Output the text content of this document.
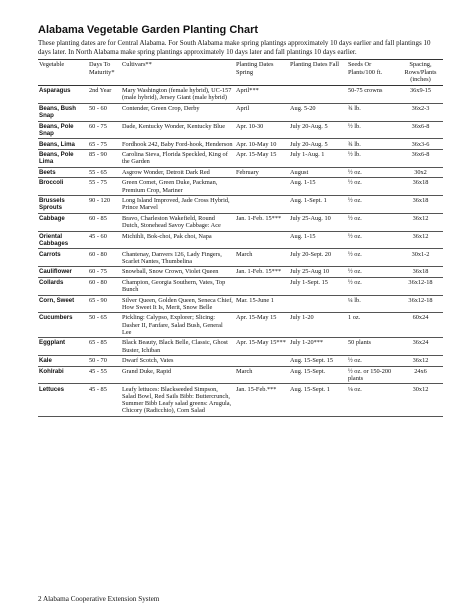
Alabama Vegetable Garden Planting Chart

These planting dates are for Central Alabama. For South Alabama make spring plantings approximately 10 days earlier and fall plantings 10 days later. In North Alabama make spring plantings approximately 10 days later and fall plantings 10 days earlier.

Vegetable	Days To Maturity*	Cultivars**	Planting Dates Spring	Planting Dates Fall	Seeds Or Plants/100 ft.	Spacing, Rows/Plants (inches)
Asparagus	2nd Year	Mary Washington (female hybrid), UC-157 (male hybrid), Jersey Giant (male hybrid)	April***		50-75 crowns	36x9-15
Beans, Bush Snap	50 - 60	Contender, Green Crop, Derby	April	Aug. 5-20	¾ lb.	36x2-3
Beans, Pole Snap	60 - 75	Dade, Kentucky Wonder, Kentucky Blue	Apr. 10-30	July 20-Aug. 5	½ lb.	36x6-8
Beans, Lima	65 - 75	Fordhook 242, Baby Ford-hook, Henderson	Apr. 10-May 10	July 20-Aug. 5	¾ lb.	36x3-6
Beans, Pole Lima	85 - 90	Carolina Sieva, Florida Speckled, King of the Garden	Apr. 15-May 15	July 1-Aug. 1	½ lb.	36x6-8
Beets	55 - 65	Asgrow Wonder, Detroit Dark Red	February	August	½ oz.	30x2
Broccoli	55 - 75	Green Comet, Green Duke, Packman, Premium Crop, Mariner		Aug. 1-15	½ oz.	36x18
Brussels Sprouts	90 - 120	Long Island Improved, Jade Cross Hybrid, Prince Marvel		Aug. 1-Sept. 1	½ oz.	36x18
Cabbage	60 - 85	Bravo, Charleston Wakefield, Round Dutch, Stonehead Savoy Cabbage: Ace	Jan. 1-Feb. 15***	July 25-Aug. 10	½ oz.	36x12
Oriental Cabbages	45 - 60	Michihli, Bok-choi, Pak choi, Napa		Aug. 1-15	½ oz.	36x12
Carrots	60 - 80	Chantenay, Danvers 126, Lady Fingers, Scarlet Nantes, Thumbelina	March	July 20-Sept. 20	½ oz.	30x1-2
Cauliflower	60 - 75	Snowball, Snow Crown, Violet Queen	Jan. 1-Feb. 15***	July 25-Aug 10	½ oz.	36x18
Collards	60 - 80	Champion, Georgia Southern, Vates, Top Bunch		July 1-Sept. 15	½ oz.	36x12-18
Corn, Sweet	65 - 90	Silver Queen, Golden Queen, Seneca Chief, How Sweet It Is, Merit, Snow Belle	Mar. 15-June 1		¼ lb.	36x12-18
Cucumbers	50 - 65	Pickling: Calypso, Explorer; Slicing: Dasher II, Fanfare, Salad Bush, General Lee	Apr. 15-May 15	July 1-20	1 oz.	60x24
Eggplant	65 - 85	Black Beauty, Black Belle, Classic, Ghost Buster, Ichiban	Apr. 15-May 15***	July 1-20***	50 plants	36x24
Kale	50 - 70	Dwarf Scotch, Vates		Aug. 15-Sept. 15	½ oz.	36x12
Kohlrabi	45 - 55	Grand Duke, Rapid	March	Aug. 15-Sept.	½ oz. or 150-200 plants	24x6
Lettuces	45 - 85	Leafy lettuces: Blackseeded Simpson, Salad Bowl, Red Sails Bibb: Buttercrunch, Summer Bibb Leafy salad greens: Arugula, Chicory (Radicchio), Corn Salad	Jan. 15-Feb.***	Aug. 15-Sept. 1	⅛ oz.	30x12
2 Alabama Cooperative Extension System
